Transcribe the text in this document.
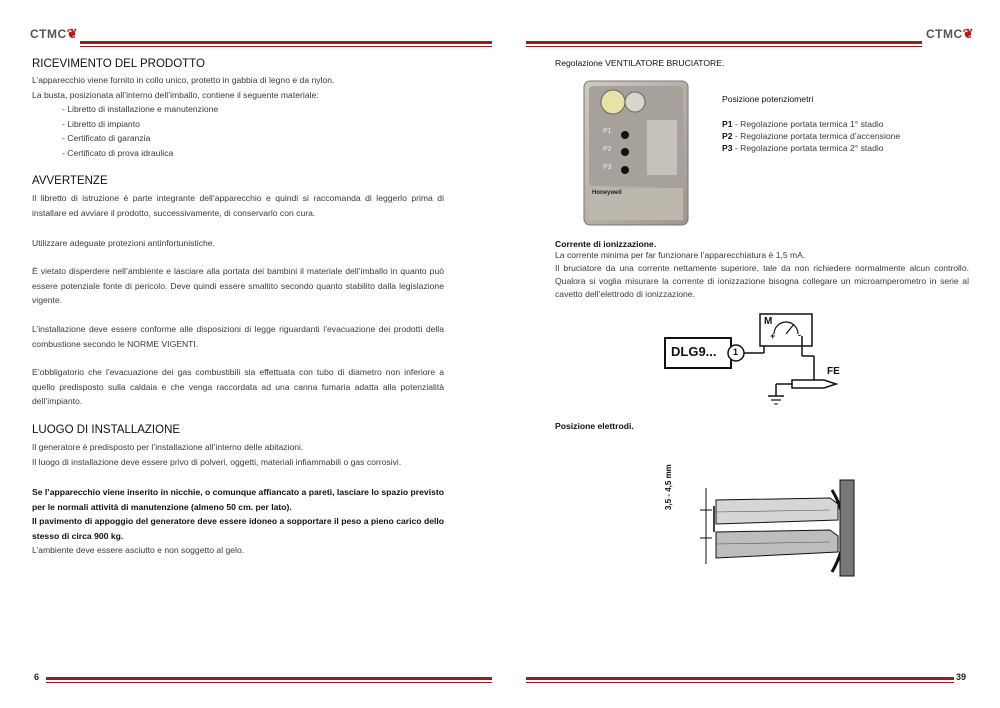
CTMC❦
RICEVIMENTO DEL PRODOTTO
L’apparecchio viene fornito in collo unico, protetto in gabbia di legno e da nylon.
La busta, posizionata all’interno dell’imballo, contiene il seguente materiale:
- Libretto di installazione e manutenzione
- Libretto di impianto
- Certificato di garanzia
- Certificato di prova idraulica
AVVERTENZE
Il libretto di istruzione è parte integrante dell’apparecchio e quindi si raccomanda di leggerlo prima di installare ed avviare il prodotto, successivamente, di conservarlo con cura.
Utilizzare adeguate protezioni antinfortunistiche.
È vietato disperdere nell’ambiente e lasciare alla portata dei bambini il materiale dell’imballo in quanto può essere potenziale fonte di pericolo. Deve quindi essere smaltito secondo quanto stabilito dalla legislazione vigente.
L’installazione deve essere conforme alle disposizioni di legge riguardanti l’evacuazione dei prodotti della combustione secondo le NORME VIGENTI.
E’obbligatorio che l’evacuazione dei gas combustibili sia effettuata con tubo di diametro non inferiore a quello predisposto sulla caldaia e che venga raccordata ad una canna fumaria adatta alla potenzialità dell’impianto.
LUOGO DI INSTALLAZIONE
Il generatore è predisposto per l’installazione all’interno delle abitazioni.
Il luogo di installazione deve essere privo di polveri, oggetti, materiali infiammabili o gas corrosivi.
Se l’apparecchio viene inserito in nicchie, o comunque affiancato a pareti, lasciare lo spazio previsto per le normali attività di manutenzione (almeno 50 cm. per lato).
Il pavimento di appoggio del generatore deve essere idoneo a sopportare il peso a pieno carico dello stesso di circa 900 kg.
L’ambiente deve essere asciutto e non soggetto al gelo.
6
CTMC❦
Regolazione VENTILATORE BRUCIATORE.
P1
P2
P3
Honeywell
Posizione potenziometri
P1 - Regolazione portata termica 1° stadio
P2 - Regolazione portata termica d’accensione
P3 - Regolazione portata termica 2° stadio
Corrente di ionizzazione.
La corrente minima per far funzionare l’apparecchiatura è 1,5 mA.
Il bruciatore da una corrente nettamente superiore, tale da non richiedere normalmente alcun controllo. Qualora si voglia misurare la corrente di ionizzazione bisogna collegare un microamperometro in serie al cavetto dell’elettrodo di ionizzazione.
DLG9... 1
M
+	-
FE
Posizione elettrodi.
3,5 - 4,5 mm
39
